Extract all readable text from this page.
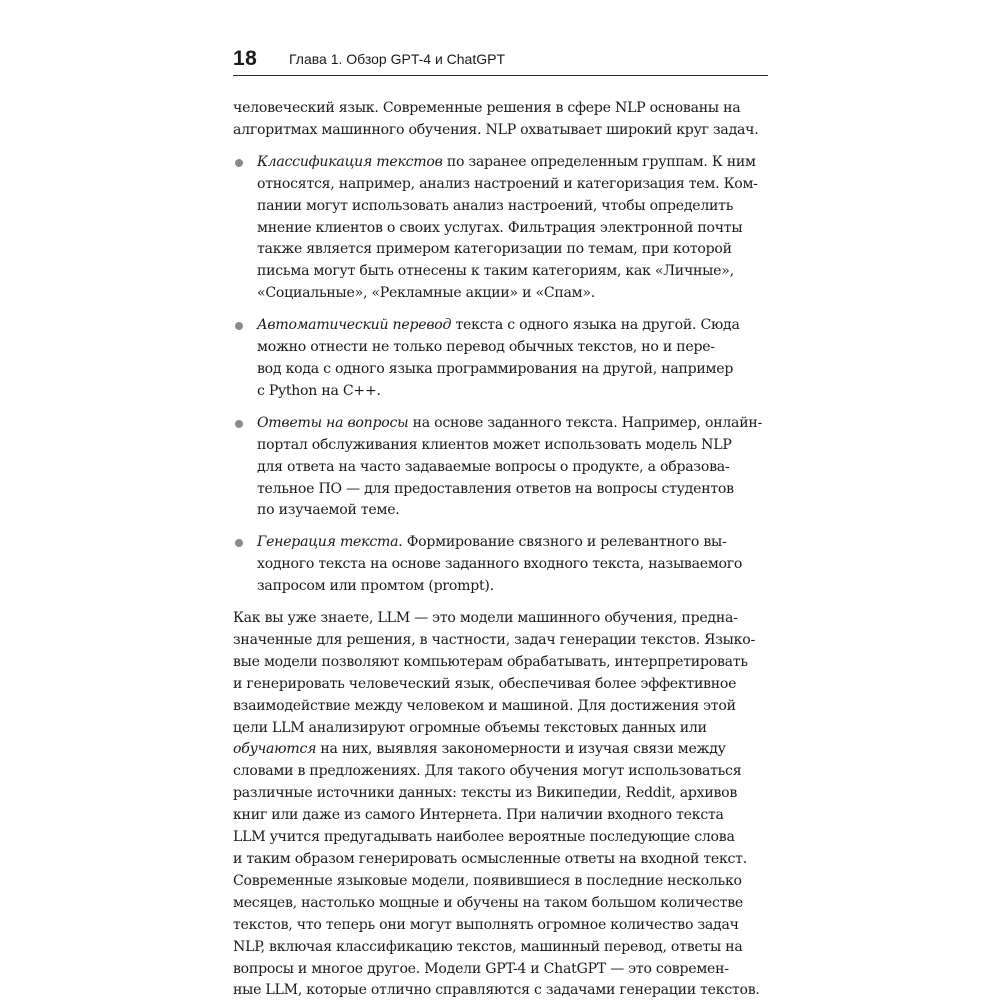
18 Глава 1. Обзор GPT-4 и ChatGPT
человеческий язык. Современные решения в сфере NLP основаны на
алгоритмах машинного обучения. NLP охватывает широкий круг задач.
Классификация текстов по заранее определенным группам. К ним
относятся, например, анализ настроений и категоризация тем. Ком-
пании могут использовать анализ настроений, чтобы определить
мнение клиентов о своих услугах. Фильтрация электронной почты
также является примером категоризации по темам, при которой
письма могут быть отнесены к таким категориям, как «Личные»,
«Социальные», «Рекламные акции» и «Спам».
Автоматический перевод текста с одного языка на другой. Сюда
можно отнести не только перевод обычных текстов, но и пере-
вод кода с одного языка программирования на другой, например
с Python на C++.
Ответы на вопросы на основе заданного текста. Например, онлайн-
портал обслуживания клиентов может использовать модель NLP
для ответа на часто задаваемые вопросы о продукте, а образова-
тельное ПО — для предоставления ответов на вопросы студентов
по изучаемой теме.
Генерация текста. Формирование связного и релевантного вы-
ходного текста на основе заданного входного текста, называемого
запросом или промтом (prompt).
Как вы уже знаете, LLM — это модели машинного обучения, предна-
значенные для решения, в частности, задач генерации текстов. Языко-
вые модели позволяют компьютерам обрабатывать, интерпретировать
и генерировать человеческий язык, обеспечивая более эффективное
взаимодействие между человеком и машиной. Для достижения этой
цели LLM анализируют огромные объемы текстовых данных или
обучаются на них, выявляя закономерности и изучая связи между
словами в предложениях. Для такого обучения могут использоваться
различные источники данных: тексты из Википедии, Reddit, архивов
книг или даже из самого Интернета. При наличии входного текста
LLM учится предугадывать наиболее вероятные последующие слова
и таким образом генерировать осмысленные ответы на входной текст.
Современные языковые модели, появившиеся в последние несколько
месяцев, настолько мощные и обучены на таком большом количестве
текстов, что теперь они могут выполнять огромное количество задач
NLP, включая классификацию текстов, машинный перевод, ответы на
вопросы и многое другое. Модели GPT-4 и ChatGPT — это современ-
ные LLM, которые отлично справляются с задачами генерации текстов.
